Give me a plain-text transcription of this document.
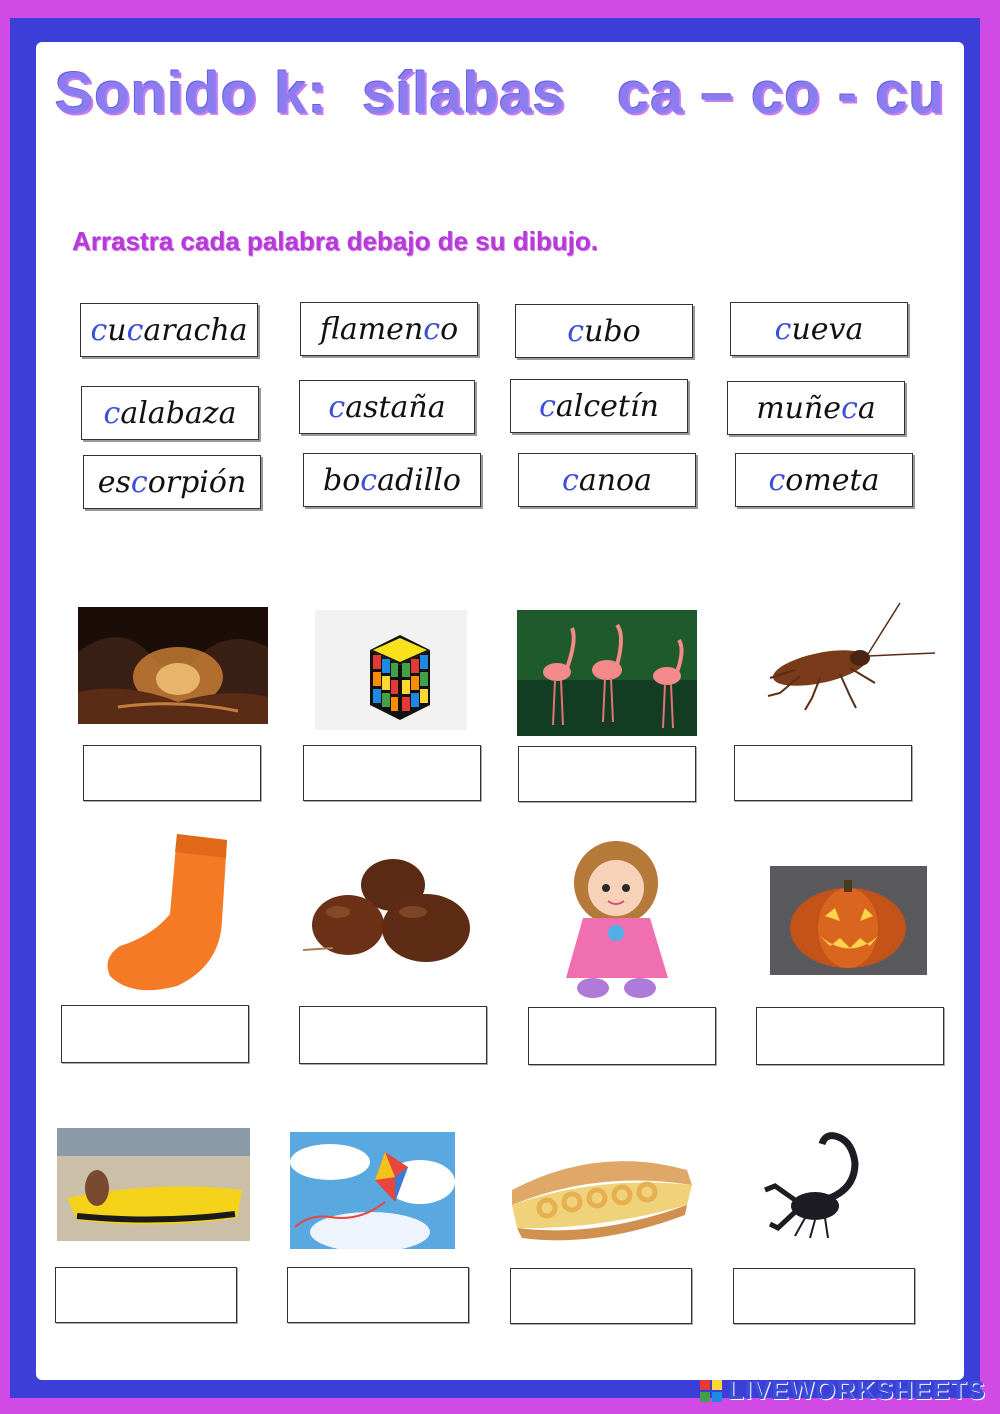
Sonido k:  sílabas   ca – co - cu
Arrastra cada palabra debajo de su dibujo.
c u c aracha flamen c o	c ubo	c ueva
c alabaza	c astaña	c alcetín	muñe c a
es c orpión	bo c adillo	c anoa	c ometa
LIVEWORKSHEETS
